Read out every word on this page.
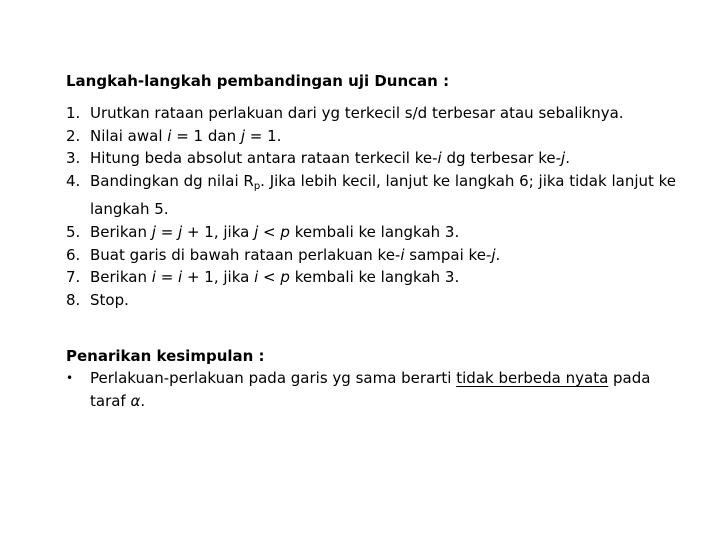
Langkah-langkah pembandingan uji Duncan :

1. Urutkan rataan perlakuan dari yg terkecil s/d terbesar atau sebaliknya.
2. Nilai awal i = 1 dan j = 1.
3. Hitung beda absolut antara rataan terkecil ke-i dg terbesar ke-j.
4. Bandingkan dg nilai $R_p$. Jika lebih kecil, lanjut ke langkah 6; jika tidak lanjut ke langkah 5.
5. Berikan j = j + 1, jika j < p kembali ke langkah 3.
6. Buat garis di bawah rataan perlakuan ke-i sampai ke-j.
7. Berikan i = i + 1, jika i < p kembali ke langkah 3.
8. Stop.

Penarikan kesimpulan :

•	Perlakuan-perlakuan pada garis yg sama berarti tidak berbeda nyata pada taraf α.
